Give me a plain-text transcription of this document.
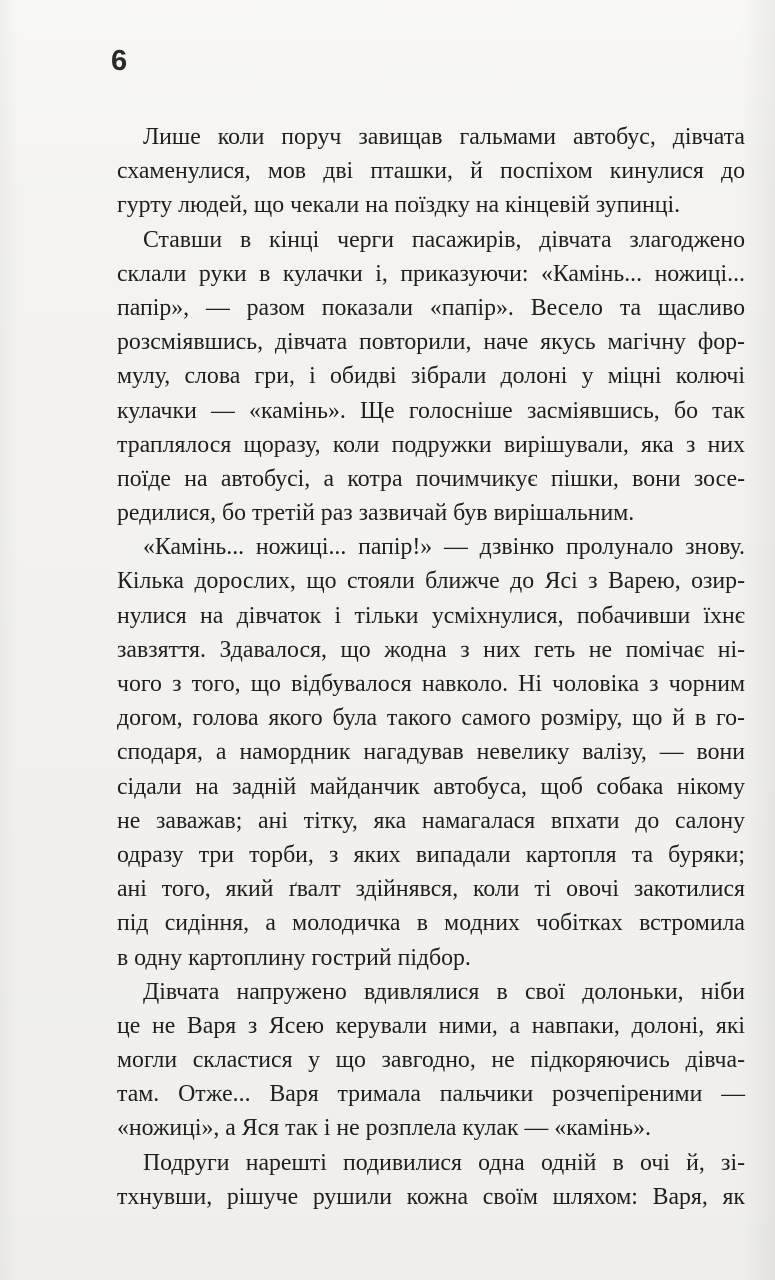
6
Лише коли поруч завищав гальмами автобус, дівчата
схаменулися, мов дві пташки, й поспіхом кинулися до
гурту людей, що чекали на поїздку на кінцевій зупинці.
Ставши в кінці черги пасажирів, дівчата злагоджено
склали руки в кулачки і, приказуючи: «Камінь... ножиці...
папір», — разом показали «папір». Весело та щасливо
розсміявшись, дівчата повторили, наче якусь магічну фор-
мулу, слова гри, і обидві зібрали долоні у міцні колючі
кулачки — «камінь». Ще голосніше засміявшись, бо так
траплялося щоразу, коли подружки вирішували, яка з них
поїде на автобусі, а котра почимчикує пішки, вони зосе-
редилися, бо третій раз зазвичай був вирішальним.
«Камінь... ножиці... папір!» — дзвінко пролунало знову.
Кілька дорослих, що стояли ближче до Ясі з Варею, озир-
нулися на дівчаток і тільки усміхнулися, побачивши їхнє
завзяття. Здавалося, що жодна з них геть не помічає ні-
чого з того, що відбувалося навколо. Ні чоловіка з чорним
догом, голова якого була такого самого розміру, що й в го-
сподаря, а намордник нагадував невелику валізу, — вони
сідали на задній майданчик автобуса, щоб собака нікому
не заважав; ані тітку, яка намагалася впхати до салону
одразу три торби, з яких випадали картопля та буряки;
ані того, який ґвалт здійнявся, коли ті овочі закотилися
під сидіння, а молодичка в модних чобітках встромила
в одну картоплину гострий підбор.
Дівчата напружено вдивлялися в свої долоньки, ніби
це не Варя з Ясею керували ними, а навпаки, долоні, які
могли скластися у що завгодно, не підкоряючись дівча-
там. Отже... Варя тримала пальчики розчепіреними —
«ножиці», а Яся так і не розплела кулак — «камінь».
Подруги нарешті подивилися одна одній в очі й, зі-
тхнувши, рішуче рушили кожна своїм шляхом: Варя, як
